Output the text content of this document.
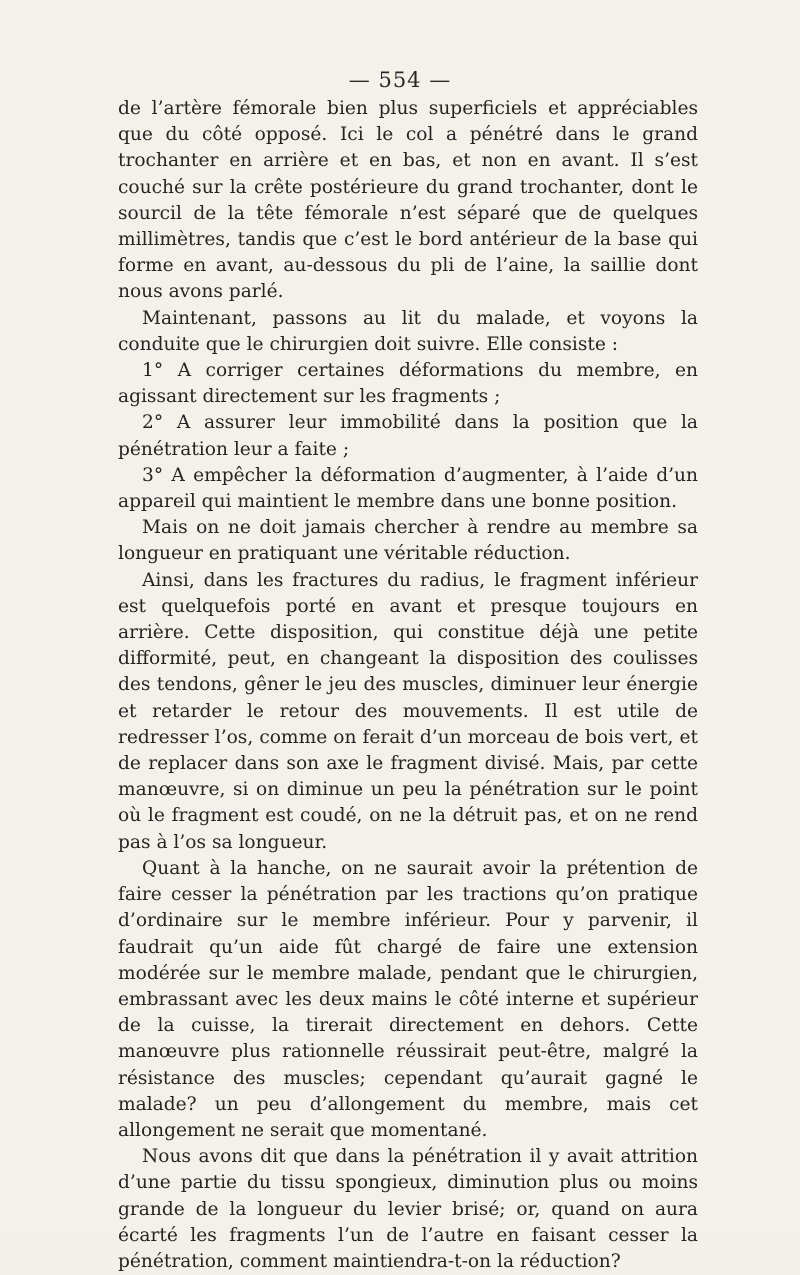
— 554 —

de l’artère fémorale bien plus superficiels et appréciables que du côté opposé. Ici le col a pénétré dans le grand trochanter en arrière et en bas, et non en avant. Il s’est couché sur la crête postérieure du grand trochanter, dont le sourcil de la tête fémorale n’est séparé que de quelques millimètres, tandis que c’est le bord antérieur de la base qui forme en avant, au-dessous du pli de l’aine, la saillie dont nous avons parlé.

Maintenant, passons au lit du malade, et voyons la conduite que le chirurgien doit suivre. Elle consiste :

1° A corriger certaines déformations du membre, en agissant directement sur les fragments ;

2° A assurer leur immobilité dans la position que la pénétration leur a faite ;

3° A empêcher la déformation d’augmenter, à l’aide d’un appareil qui maintient le membre dans une bonne position.

Mais on ne doit jamais chercher à rendre au membre sa longueur en pratiquant une véritable réduction.

Ainsi, dans les fractures du radius, le fragment inférieur est quelquefois porté en avant et presque toujours en arrière. Cette disposition, qui constitue déjà une petite difformité, peut, en changeant la disposition des coulisses des tendons, gêner le jeu des muscles, diminuer leur énergie et retarder le retour des mouvements. Il est utile de redresser l’os, comme on ferait d’un morceau de bois vert, et de replacer dans son axe le fragment divisé. Mais, par cette manœuvre, si on diminue un peu la pénétration sur le point où le fragment est coudé, on ne la détruit pas, et on ne rend pas à l’os sa longueur.

Quant à la hanche, on ne saurait avoir la prétention de faire cesser la pénétration par les tractions qu’on pratique d’ordinaire sur le membre inférieur. Pour y parvenir, il faudrait qu’un aide fût chargé de faire une extension modérée sur le membre malade, pendant que le chirurgien, embrassant avec les deux mains le côté interne et supérieur de la cuisse, la tirerait directement en dehors. Cette manœuvre plus rationnelle réussirait peut-être, malgré la résistance des muscles; cependant qu’aurait gagné le malade? un peu d’allongement du membre, mais cet allongement ne serait que momentané.

Nous avons dit que dans la pénétration il y avait attrition d’une partie du tissu spongieux, diminution plus ou moins grande de la longueur du levier brisé; or, quand on aura écarté les fragments l’un de l’autre en faisant cesser la pénétration, comment maintiendra-t-on la réduction?
